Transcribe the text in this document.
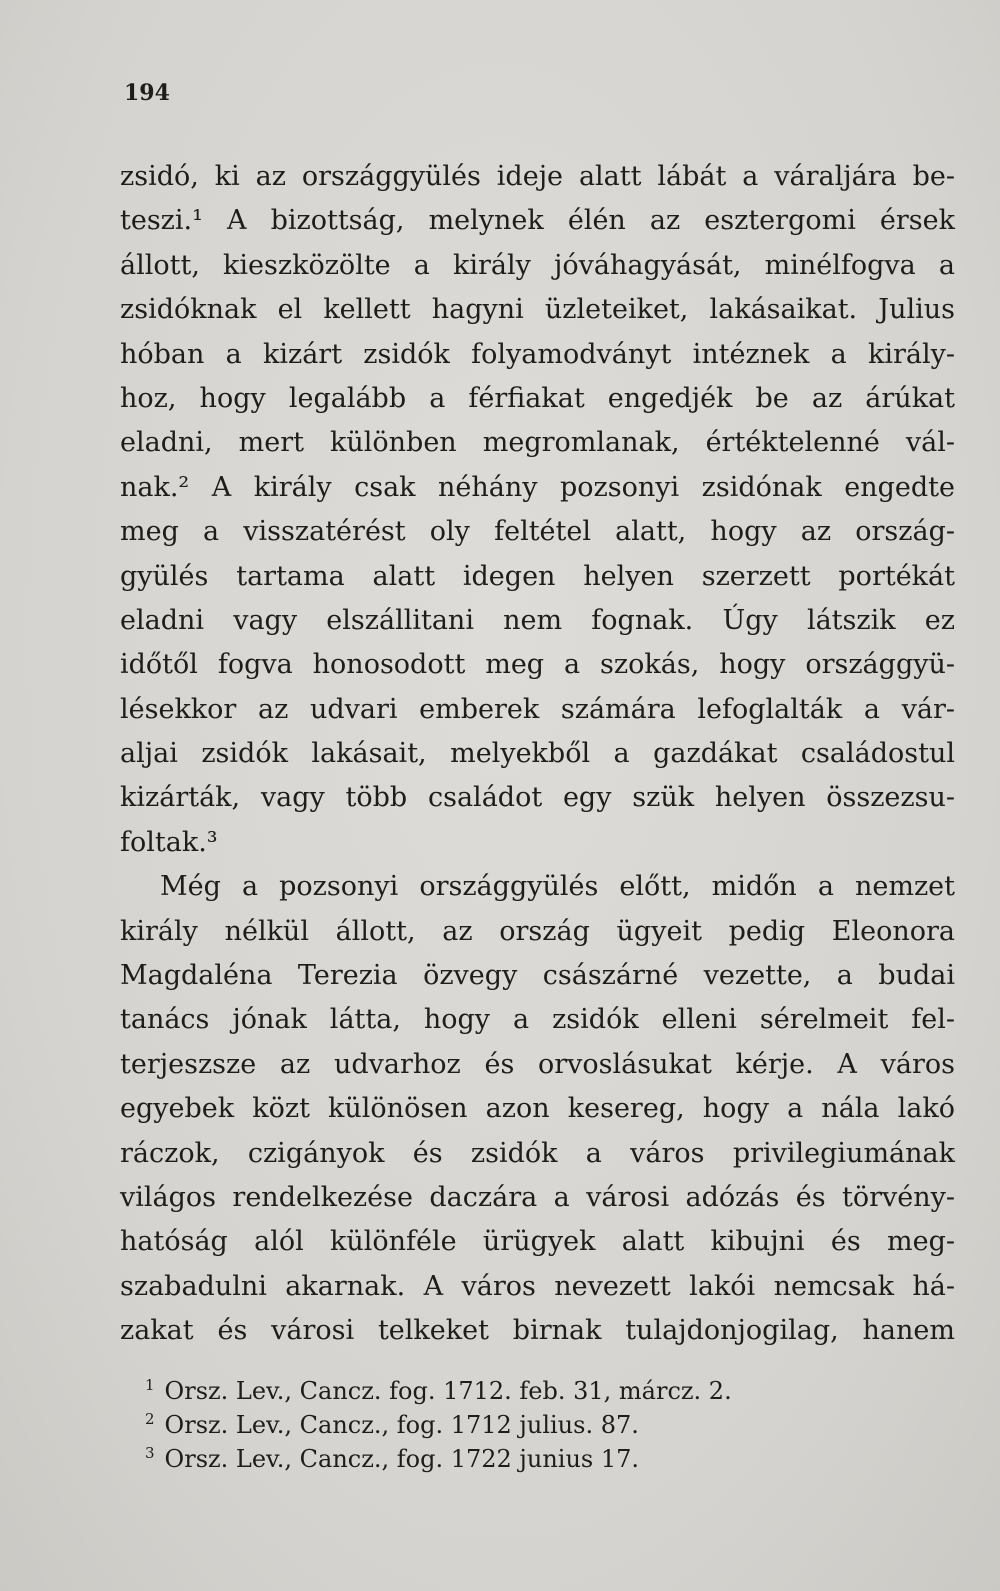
194

zsidó, ki az országgyülés ideje alatt lábát a váraljára be-
teszi.¹ A bizottság, melynek élén az esztergomi érsek
állott, kieszközölte a király jóváhagyását, minélfogva a
zsidóknak el kellett hagyni üzleteiket, lakásaikat. Julius
hóban a kizárt zsidók folyamodványt intéznek a király-
hoz, hogy legalább a férfiakat engedjék be az árúkat
eladni, mert különben megromlanak, értéktelenné vál-
nak.² A király csak néhány pozsonyi zsidónak engedte
meg a visszatérést oly feltétel alatt, hogy az ország-
gyülés tartama alatt idegen helyen szerzett portékát
eladni vagy elszállitani nem fognak. Úgy látszik ez
időtől fogva honosodott meg a szokás, hogy országgyü-
lésekkor az udvari emberek számára lefoglalták a vár-
aljai zsidók lakásait, melyekből a gazdákat családostul
kizárták, vagy több családot egy szük helyen összezsu-
foltak.³
Még a pozsonyi országgyülés előtt, midőn a nemzet
király nélkül állott, az ország ügyeit pedig Eleonora
Magdaléna Terezia özvegy császárné vezette, a budai
tanács jónak látta, hogy a zsidók elleni sérelmeit fel-
terjeszsze az udvarhoz és orvoslásukat kérje. A város
egyebek közt különösen azon kesereg, hogy a nála lakó
ráczok, czigányok és zsidók a város privilegiumának
világos rendelkezése daczára a városi adózás és törvény-
hatóság alól különféle ürügyek alatt kibujni és meg-
szabadulni akarnak. A város nevezett lakói nemcsak há-
zakat és városi telkeket birnak tulajdonjogilag, hanem
$^1$ Orsz. Lev., Cancz. fog. 1712. feb. 31, márcz. 2.
$^2$ Orsz. Lev., Cancz., fog. 1712 julius. 87.
$^3$ Orsz. Lev., Cancz., fog. 1722 junius 17.
